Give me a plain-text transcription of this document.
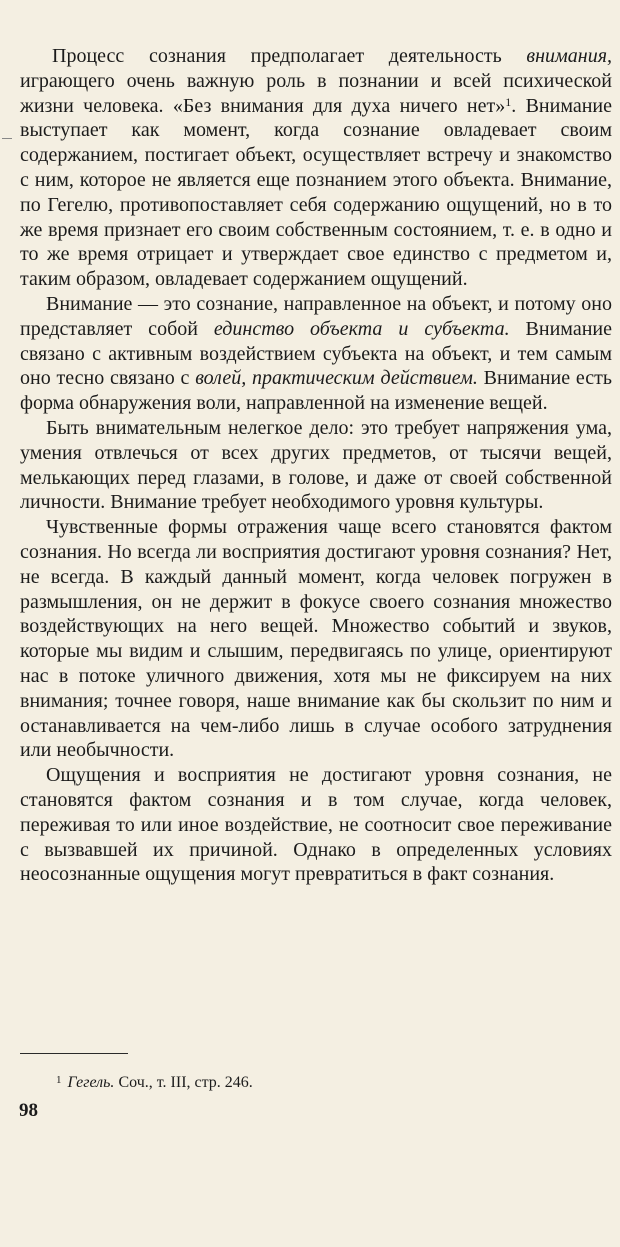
Процесс сознания предполагает деятельность внимания, играющего очень важную роль в познании и всей психической жизни человека. «Без внимания для духа ничего нет»$^1$. Внимание выступает как момент, когда сознание овладевает своим содержанием, постигает объект, осуществляет встречу и знакомство с ним, которое не является еще познанием этого объекта. Внимание, по Гегелю, противопоставляет себя содержанию ощущений, но в то же время признает его своим собственным состоянием, т. е. в одно и то же время отрицает и утверждает свое единство с предметом и, таким образом, овладевает содержанием ощущений.

Внимание — это сознание, направленное на объект, и потому оно представляет собой единство объекта и субъекта. Внимание связано с активным воздействием субъекта на объект, и тем самым оно тесно связано с волей, практическим действием. Внимание есть форма обнаружения воли, направленной на изменение вещей.

Быть внимательным нелегкое дело: это требует напряжения ума, умения отвлечься от всех других предметов, от тысячи вещей, мелькающих перед глазами, в голове, и даже от своей собственной личности. Внимание требует необходимого уровня культуры.

Чувственные формы отражения чаще всего становятся фактом сознания. Но всегда ли восприятия достигают уровня сознания? Нет, не всегда. В каждый данный момент, когда человек погружен в размышления, он не держит в фокусе своего сознания множество воздействующих на него вещей. Множество событий и звуков, которые мы видим и слышим, передвигаясь по улице, ориентируют нас в потоке уличного движения, хотя мы не фиксируем на них внимания; точнее говоря, наше внимание как бы скользит по ним и останавливается на чем-либо лишь в случае особого затруднения или необычности.

Ощущения и восприятия не достигают уровня сознания, не становятся фактом сознания и в том случае, когда человек, переживая то или иное воздействие, не соотносит свое переживание с вызвавшей их причиной. Однако в определенных условиях неосознанные ощущения могут превратиться в факт сознания.

$^1$ Гегель. Соч., т. III, стр. 246.
98
